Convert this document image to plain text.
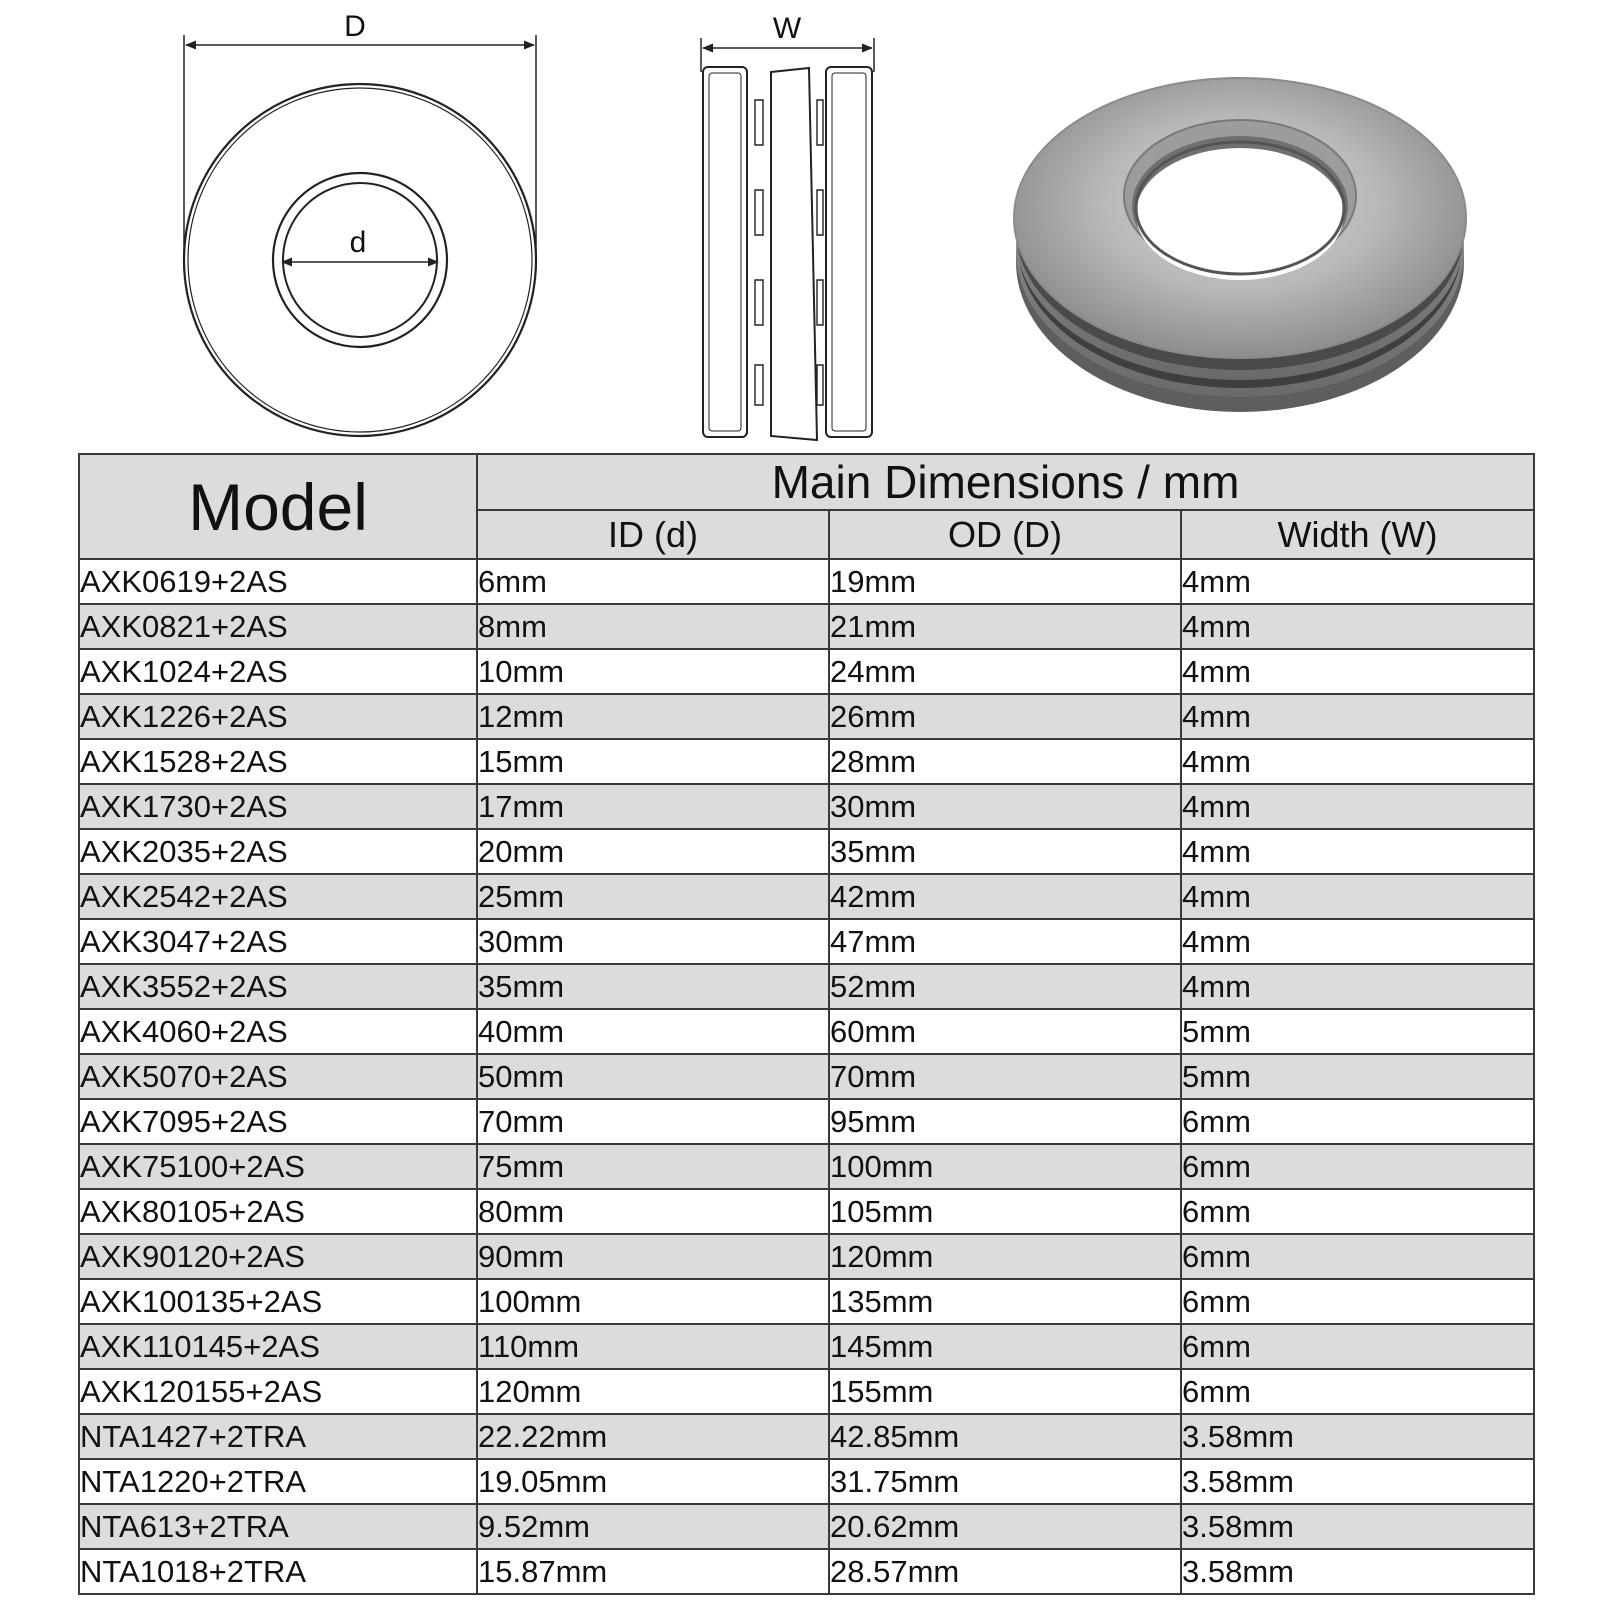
D
d
W
Model	Main Dimensions / mm		
	ID (d)	OD (D)	Width (W)
AXK0619+2AS	6mm	19mm	4mm
AXK0821+2AS	8mm	21mm	4mm
AXK1024+2AS	10mm	24mm	4mm
AXK1226+2AS	12mm	26mm	4mm
AXK1528+2AS	15mm	28mm	4mm
AXK1730+2AS	17mm	30mm	4mm
AXK2035+2AS	20mm	35mm	4mm
AXK2542+2AS	25mm	42mm	4mm
AXK3047+2AS	30mm	47mm	4mm
AXK3552+2AS	35mm	52mm	4mm
AXK4060+2AS	40mm	60mm	5mm
AXK5070+2AS	50mm	70mm	5mm
AXK7095+2AS	70mm	95mm	6mm
AXK75100+2AS	75mm	100mm	6mm
AXK80105+2AS	80mm	105mm	6mm
AXK90120+2AS	90mm	120mm	6mm
AXK100135+2AS	100mm	135mm	6mm
AXK110145+2AS	110mm	145mm	6mm
AXK120155+2AS	120mm	155mm	6mm
NTA1427+2TRA	22.22mm	42.85mm	3.58mm
NTA1220+2TRA	19.05mm	31.75mm	3.58mm
NTA613+2TRA	9.52mm	20.62mm	3.58mm
NTA1018+2TRA	15.87mm	28.57mm	3.58mm
